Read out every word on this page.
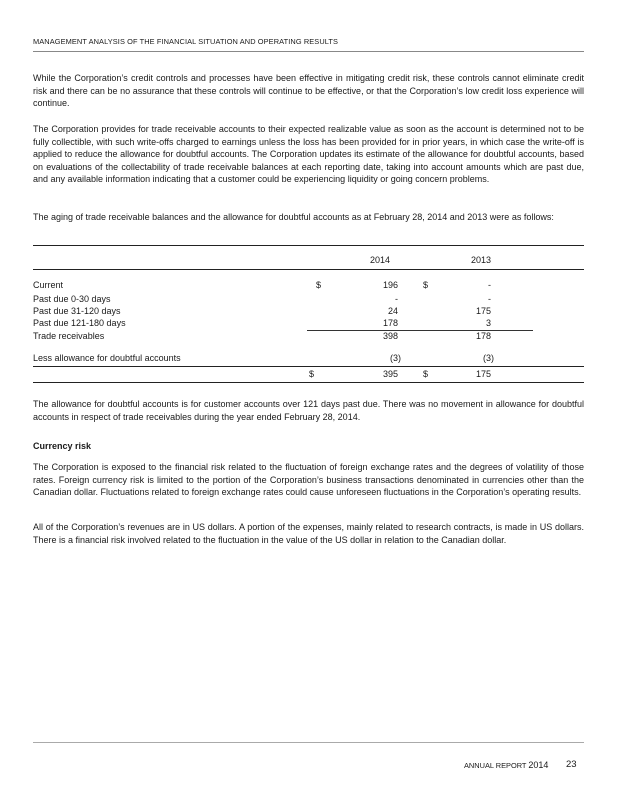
MANAGEMENT ANALYSIS OF THE FINANCIAL SITUATION AND OPERATING RESULTS

While the Corporation’s credit controls and processes have been effective in mitigating credit risk, these controls cannot eliminate credit risk and there can be no assurance that these controls will continue to be effective, or that the Corporation’s low credit loss experience will continue.

The Corporation provides for trade receivable accounts to their expected realizable value as soon as the account is determined not to be fully collectible, with such write-offs charged to earnings unless the loss has been provided for in prior years, in which case the write-off is applied to reduce the allowance for doubtful accounts. The Corporation updates its estimate of the allowance for doubtful accounts, based on evaluations of the collectability of trade receivable balances at each reporting date, taking into account amounts which are past due, and any available information indicating that a customer could be experiencing liquidity or going concern problems.

The aging of trade receivable balances and the allowance for doubtful accounts as at February 28, 2014 and 2013 were as follows:

2014	2013
Current	$	196	$	-
Past due 0-30 days	-	-
Past due 31-120 days	24	175
Past due 121-180 days	178	3
Trade receivables	398	178
Less allowance for doubtful accounts	(3)	(3)
$	395	$	175

The allowance for doubtful accounts is for customer accounts over 121 days past due. There was no movement in allowance for doubtful accounts in respect of trade receivables during the year ended February 28, 2014.

Currency risk

The Corporation is exposed to the financial risk related to the fluctuation of foreign exchange rates and the degrees of volatility of those rates. Foreign currency risk is limited to the portion of the Corporation’s business transactions denominated in currencies other than the Canadian dollar. Fluctuations related to foreign exchange rates could cause unforeseen fluctuations in the Corporation’s operating results.

All of the Corporation’s revenues are in US dollars. A portion of the expenses, mainly related to research contracts, is made in US dollars. There is a financial risk involved related to the fluctuation in the value of the US dollar in relation to the Canadian dollar.

ANNUAL REPORT 2014 23
